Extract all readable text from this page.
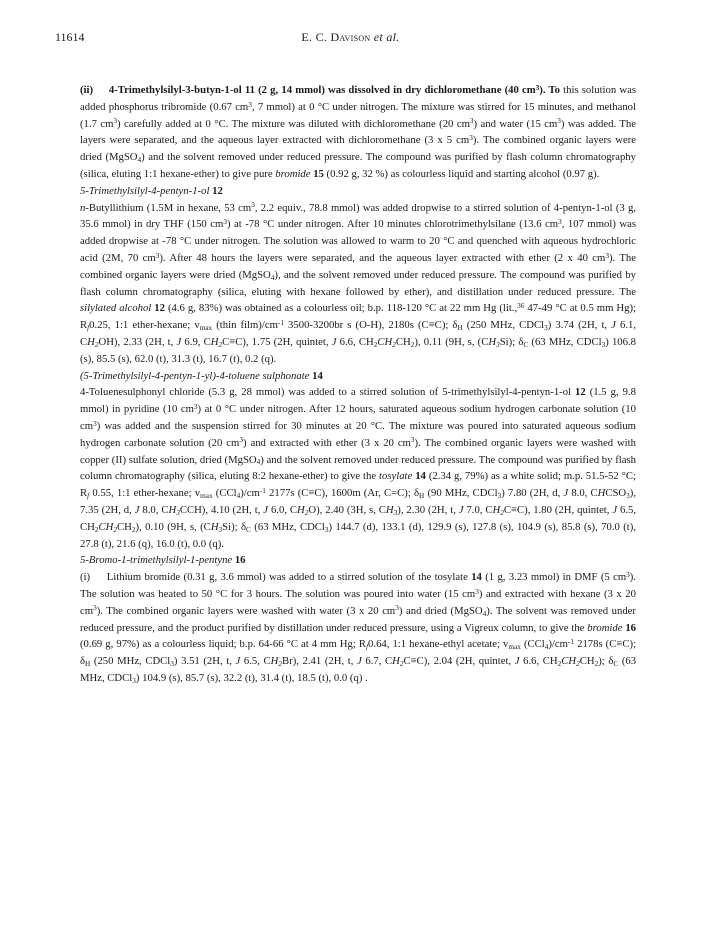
11614	E. C. Davison et al.

(ii) 4-Trimethylsilyl-3-butyn-1-ol 11 (2 g, 14 mmol) was dissolved in dry dichloromethane (40 $cm^3$). To this solution was added phosphorus tribromide (0.67 $cm^3$, 7 mmol) at 0 °C under nitrogen. The mixture was stirred for 15 minutes, and methanol (1.7 $cm^3$) carefully added at 0 °C. The mixture was diluted with dichloromethane (20 $cm^3$) and water (15 $cm^3$) was added. The layers were separated, and the aqueous layer extracted with dichloromethane (3 x 5 $cm^3$). The combined organic layers were dried (MgSO$_4$) and the solvent removed under reduced pressure. The compound was purified by flash column chromatography (silica, eluting 1:1 hexane-ether) to give pure bromide 15 (0.92 g, 32 %) as colourless liquid and starting alcohol (0.97 g).

5-Trimethylsilyl-4-pentyn-1-ol 12

n-Butyllithium (1.5M in hexane, 53 $cm^3$, 2.2 equiv., 78.8 mmol) was added dropwise to a stirred solution of 4-pentyn-1-ol (3 g, 35.6 mmol) in dry THF (150 $cm^3$) at -78 °C under nitrogen. After 10 minutes chlorotrimethylsilane (13.6 $cm^3$, 107 mmol) was added dropwise at -78 °C under nitrogen. The solution was allowed to warm to 20 °C and quenched with aqueous hydrochloric acid (2M, 70 $cm^3$). After 48 hours the layers were separated, and the aqueous layer extracted with ether (2 x 40 $cm^3$). The combined organic layers were dried (MgSO$_4$), and the solvent removed under reduced pressure. The compound was purified by flash column chromatography (silica, eluting with hexane followed by ether), and distillation under reduced pressure. The silylated alcohol 12 (4.6 g, 83%) was obtained as a colourless oil; b.p. 118-120 °C at 22 mm Hg (lit.,$^{36}$ 47-49 °C at 0.5 mm Hg); $R_f0.25$, 1:1 ether-hexane; $v_{max}$ (thin $film)/cm^{-1}$ 3500-3200br s (O-H), 2180s (C≡C); $\delta_H$ (250 MHz, CDCl$_3$) 3.74 (2H, t, J 6.1, $CH_2OH$), 2.33 (2H, t, J 6.9, $CH_2C\equiv C$), 1.75 (2H, quintet, J 6.6, $CH_2CH_2CH_2$), 0.11 (9H, s, $(CH_3Si)$; $\delta_C$ (63 MHz, CDCl$_3$) 106.8 (s), 85.5 (s), 62.0 (t), 31.3 (t), 16.7 (t), 0.2 (q).

(5-Trimethylsilyl-4-pentyn-1-yl)-4-toluene sulphonate 14

4-Toluenesulphonyl chloride (5.3 g, 28 mmol) was added to a stirred solution of 5-trimethylsilyl-4-pentyn-1-ol 12 (1.5 g, 9.8 mmol) in pyridine (10 $cm^3$) at 0 °C under nitrogen. After 12 hours, saturated aqueous sodium hydrogen carbonate solution (10 $cm^3$) was added and the suspension stirred for 30 minutes at 20 °C. The mixture was poured into saturated aqueous sodium hydrogen carbonate solution (20 $cm^3$) and extracted with ether (3 x 20 $cm^3$). The combined organic layers were washed with copper (II) sulfate solution, dried (MgSO$_4$) and the solvent removed under reduced pressure. The compound was purified by flash column chromatography (silica, eluting 8:2 hexane-ether) to give the tosylate 14 (2.34 g, 79%) as a white solid; m.p. 51.5-52 °C; $R_f$ 0.55, 1:1 ether-hexane; $v_{max}$ $(CCl_4)/cm^{-1}$ 2177s (C≡C), 1600m (Ar, C=C); $\delta_H$ (90 MHz, CDCl$_3$) 7.80 (2H, d, J 8.0, $CHCSO_3$), 7.35 (2H, d, J 8.0, $CH_3CCH$), 4.10 (2H, t, J 6.0, $CH_2O$), 2.40 (3H, s, $CH_3$), 2.30 (2H, t, J 7.0, $CH_2C\equiv C$), 1.80 (2H, quintet, J 6.5, $CH_2CH_2CH_2$), 0.10 (9H, s, $(CH_3Si)$; $\delta_C$ (63 MHz, CDCl$_3$) 144.7 (d), 133.1 (d), 129.9 (s), 127.8 (s), 104.9 (s), 85.8 (s), 70.0 (t), 27.8 (t), 21.6 (q), 16.0 (t), 0.0 (q).

5-Bromo-1-trimethylsilyl-1-pentyne 16

(i) Lithium bromide (0.31 g, 3.6 mmol) was added to a stirred solution of the tosylate 14 (1 g, 3.23 mmol) in DMF (5 $cm^3$). The solution was heated to 50 °C for 3 hours. The solution was poured into water (15 $cm^3$) and extracted with hexane (3 x 20 $cm^3$). The combined organic layers were washed with water (3 x 20 $cm^3$) and dried (MgSO$_4$). The solvent was removed under reduced pressure, and the product purified by distillation under reduced pressure, using a Vigreux column, to give the bromide 16 (0.69 g, 97%) as a colourless liquid; b.p. 64-66 °C at 4 mm Hg; $R_f0.64$, 1:1 hexane-ethyl acetate; $v_{max}$ $(CCl_4)/cm^{-1}$ 2178s (C≡C); $\delta_H$ (250 MHz, CDCl$_3$) 3.51 (2H, t, J 6.5, $CH_2Br$), 2.41 (2H, t, J 6.7, $CH_2C\equiv C$), 2.04 (2H, quintet, J 6.6, $CH_2CH_2CH_2$); $\delta_C$ (63 MHz, CDCl$_3$) 104.9 (s), 85.7 (s), 32.2 (t), 31.4 (t), 18.5 (t), 0.0 (q) .
